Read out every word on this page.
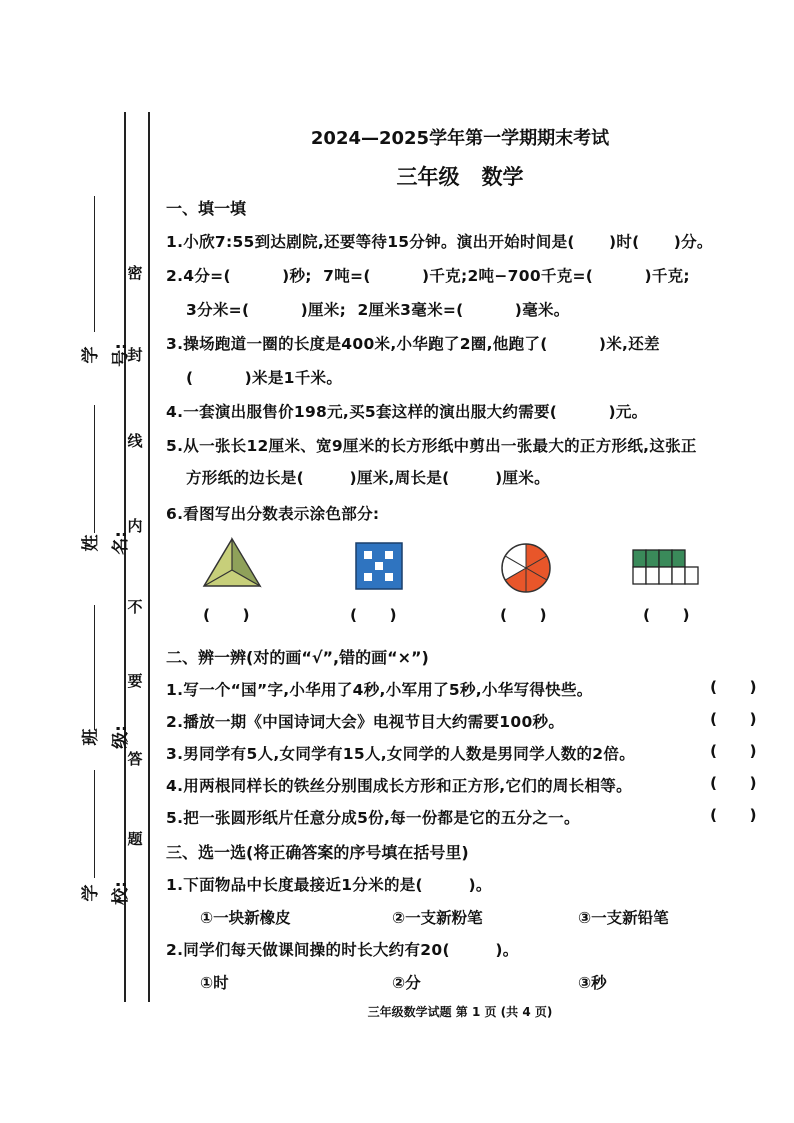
密
封
线
内
不
要
答
题
学号:
姓名:
班级:
学校:
2024—2025学年第一学期期末考试
三年级   数学
一、填一填
1.小欣7:55到达剧院,还要等待15分钟。演出开始时间是(      )时(      )分。
2.4分=(         )秒;  7吨=(         )千克;2吨−700千克=(         )千克;
3分米=(         )厘米;  2厘米3毫米=(         )毫米。
3.操场跑道一圈的长度是400米,小华跑了2圈,他跑了(         )米,还差
(         )米是1千米。
4.一套演出服售价198元,买5套这样的演出服大约需要(         )元。
5.从一张长12厘米、宽9厘米的长方形纸中剪出一张最大的正方形纸,这张正
方形纸的边长是(        )厘米,周长是(        )厘米。
6.看图写出分数表示涂色部分:
(      )	(      )	(      )	(      )
二、辨一辨(对的画“√”,错的画“×”)
1.写一个“国”字,小华用了4秒,小军用了5秒,小华写得快些。	(      )
2.播放一期《中国诗词大会》电视节目大约需要100秒。	(      )
3.男同学有5人,女同学有15人,女同学的人数是男同学人数的2倍。	(      )
4.用两根同样长的铁丝分别围成长方形和正方形,它们的周长相等。	(      )
5.把一张圆形纸片任意分成5份,每一份都是它的五分之一。	(      )
三、选一选(将正确答案的序号填在括号里)
1.下面物品中长度最接近1分米的是(        )。
①一块新橡皮	②一支新粉笔	③一支新铅笔
2.同学们每天做课间操的时长大约有20(        )。
①时	②分	③秒
三年级数学试题 第 1 页 (共 4 页)
